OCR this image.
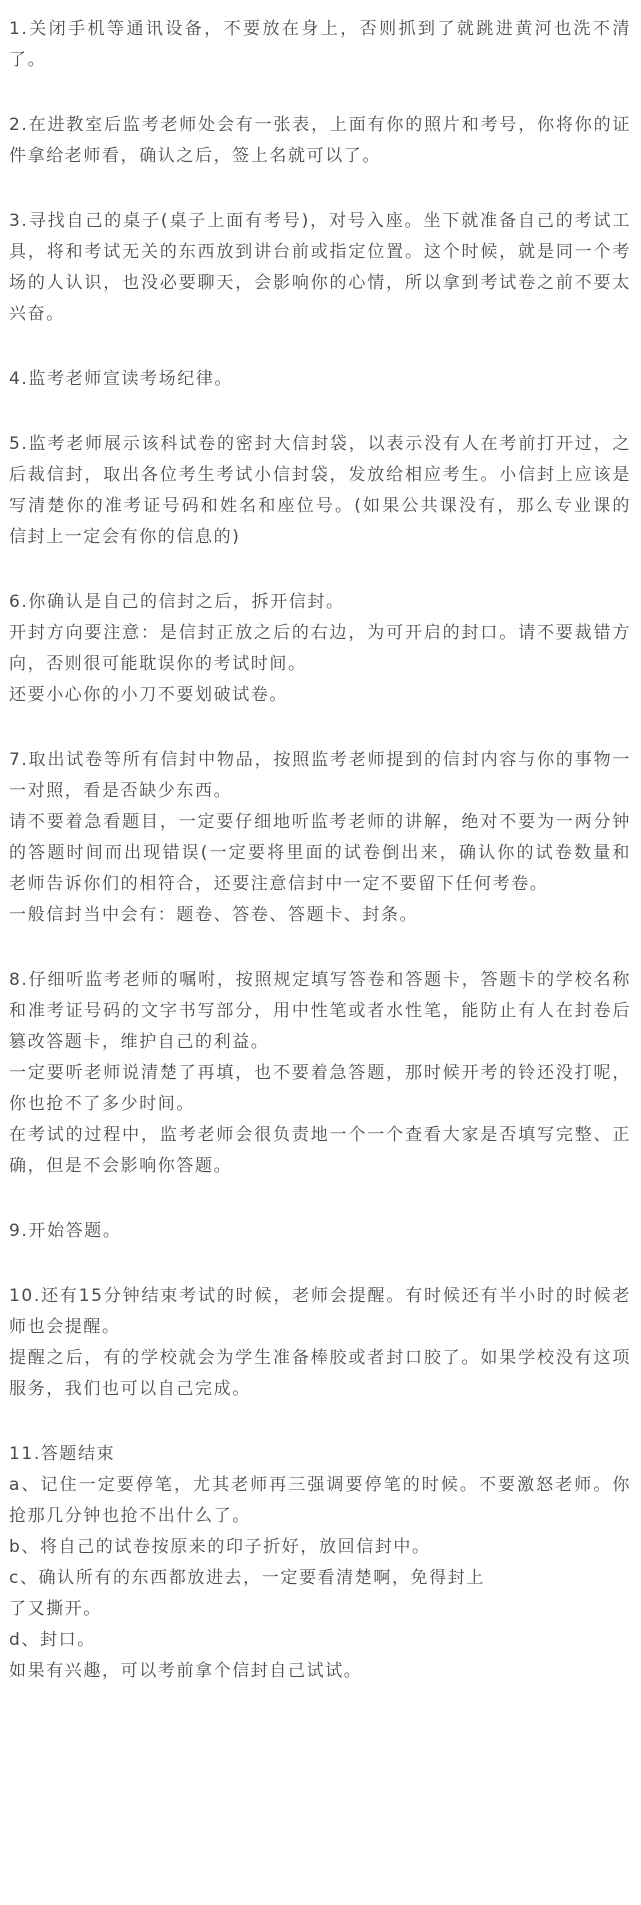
1.关闭手机等通讯设备，不要放在身上，否则抓到了就跳进黄河也洗不清了。

2.在进教室后监考老师处会有一张表，上面有你的照片和考号，你将你的证件拿给老师看，确认之后，签上名就可以了。

3.寻找自己的桌子(桌子上面有考号)，对号入座。坐下就准备自己的考试工具，将和考试无关的东西放到讲台前或指定位置。这个时候，就是同一个考场的人认识，也没必要聊天，会影响你的心情，所以拿到考试卷之前不要太兴奋。

4.监考老师宣读考场纪律。

5.监考老师展示该科试卷的密封大信封袋，以表示没有人在考前打开过，之后裁信封，取出各位考生考试小信封袋，发放给相应考生。小信封上应该是写清楚你的准考证号码和姓名和座位号。(如果公共课没有，那么专业课的信封上一定会有你的信息的)

6.你确认是自己的信封之后，拆开信封。

开封方向要注意：是信封正放之后的右边，为可开启的封口。请不要裁错方向，否则很可能耽误你的考试时间。

还要小心你的小刀不要划破试卷。

7.取出试卷等所有信封中物品，按照监考老师提到的信封内容与你的事物一一对照，看是否缺少东西。

请不要着急看题目，一定要仔细地听监考老师的讲解，绝对不要为一两分钟的答题时间而出现错误(一定要将里面的试卷倒出来，确认你的试卷数量和老师告诉你们的相符合，还要注意信封中一定不要留下任何考卷。

一般信封当中会有：题卷、答卷、答题卡、封条。

8.仔细听监考老师的嘱咐，按照规定填写答卷和答题卡，答题卡的学校名称和准考证号码的文字书写部分，用中性笔或者水性笔，能防止有人在封卷后篡改答题卡，维护自己的利益。

一定要听老师说清楚了再填，也不要着急答题，那时候开考的铃还没打呢，你也抢不了多少时间。

在考试的过程中，监考老师会很负责地一个一个查看大家是否填写完整、正确，但是不会影响你答题。

9.开始答题。

10.还有15分钟结束考试的时候，老师会提醒。有时候还有半小时的时候老师也会提醒。

提醒之后，有的学校就会为学生准备棒胶或者封口胶了。如果学校没有这项服务，我们也可以自己完成。

11.答题结束

a、记住一定要停笔，尤其老师再三强调要停笔的时候。不要激怒老师。你抢那几分钟也抢不出什么了。

b、将自己的试卷按原来的印子折好，放回信封中。

c、确认所有的东西都放进去，一定要看清楚啊，免得封上

了又撕开。

d、封口。

如果有兴趣，可以考前拿个信封自己试试。
